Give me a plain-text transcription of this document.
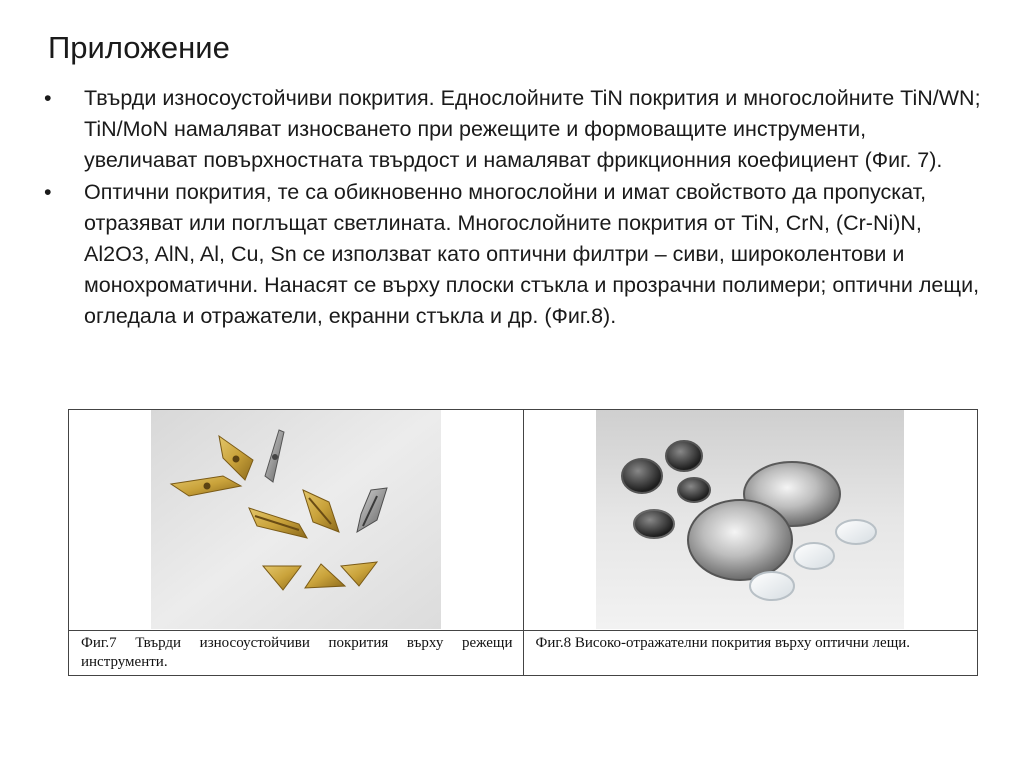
Приложение
• Твърди износоустойчиви покрития. Еднослойните TiN покрития и многослойните TiN/WN; TiN/MoN намаляват износването при режещите и формоващите инструменти, увеличават повърхностната твърдост и намаляват фрикционния коефициент (Фиг. 7).
• Оптични покрития, те са обикновенно многослойни и имат свойството да пропускат, отразяват или поглъщат светлината. Многослойните покрития от TiN, CrN, (Cr-Ni)N, Al2O3, AlN, Al, Cu, Sn се използват като оптични филтри – сиви, широколентови и монохроматични. Нанасят се върху плоски стъкла и прозрачни полимери; оптични лещи, огледала и отражатели, екранни стъкла и др. (Фиг.8).

Фиг.7 Твърди износоустойчиви покрития върху режещи инструменти.	Фиг.8 Високо-отражателни покрития върху оптични лещи.
